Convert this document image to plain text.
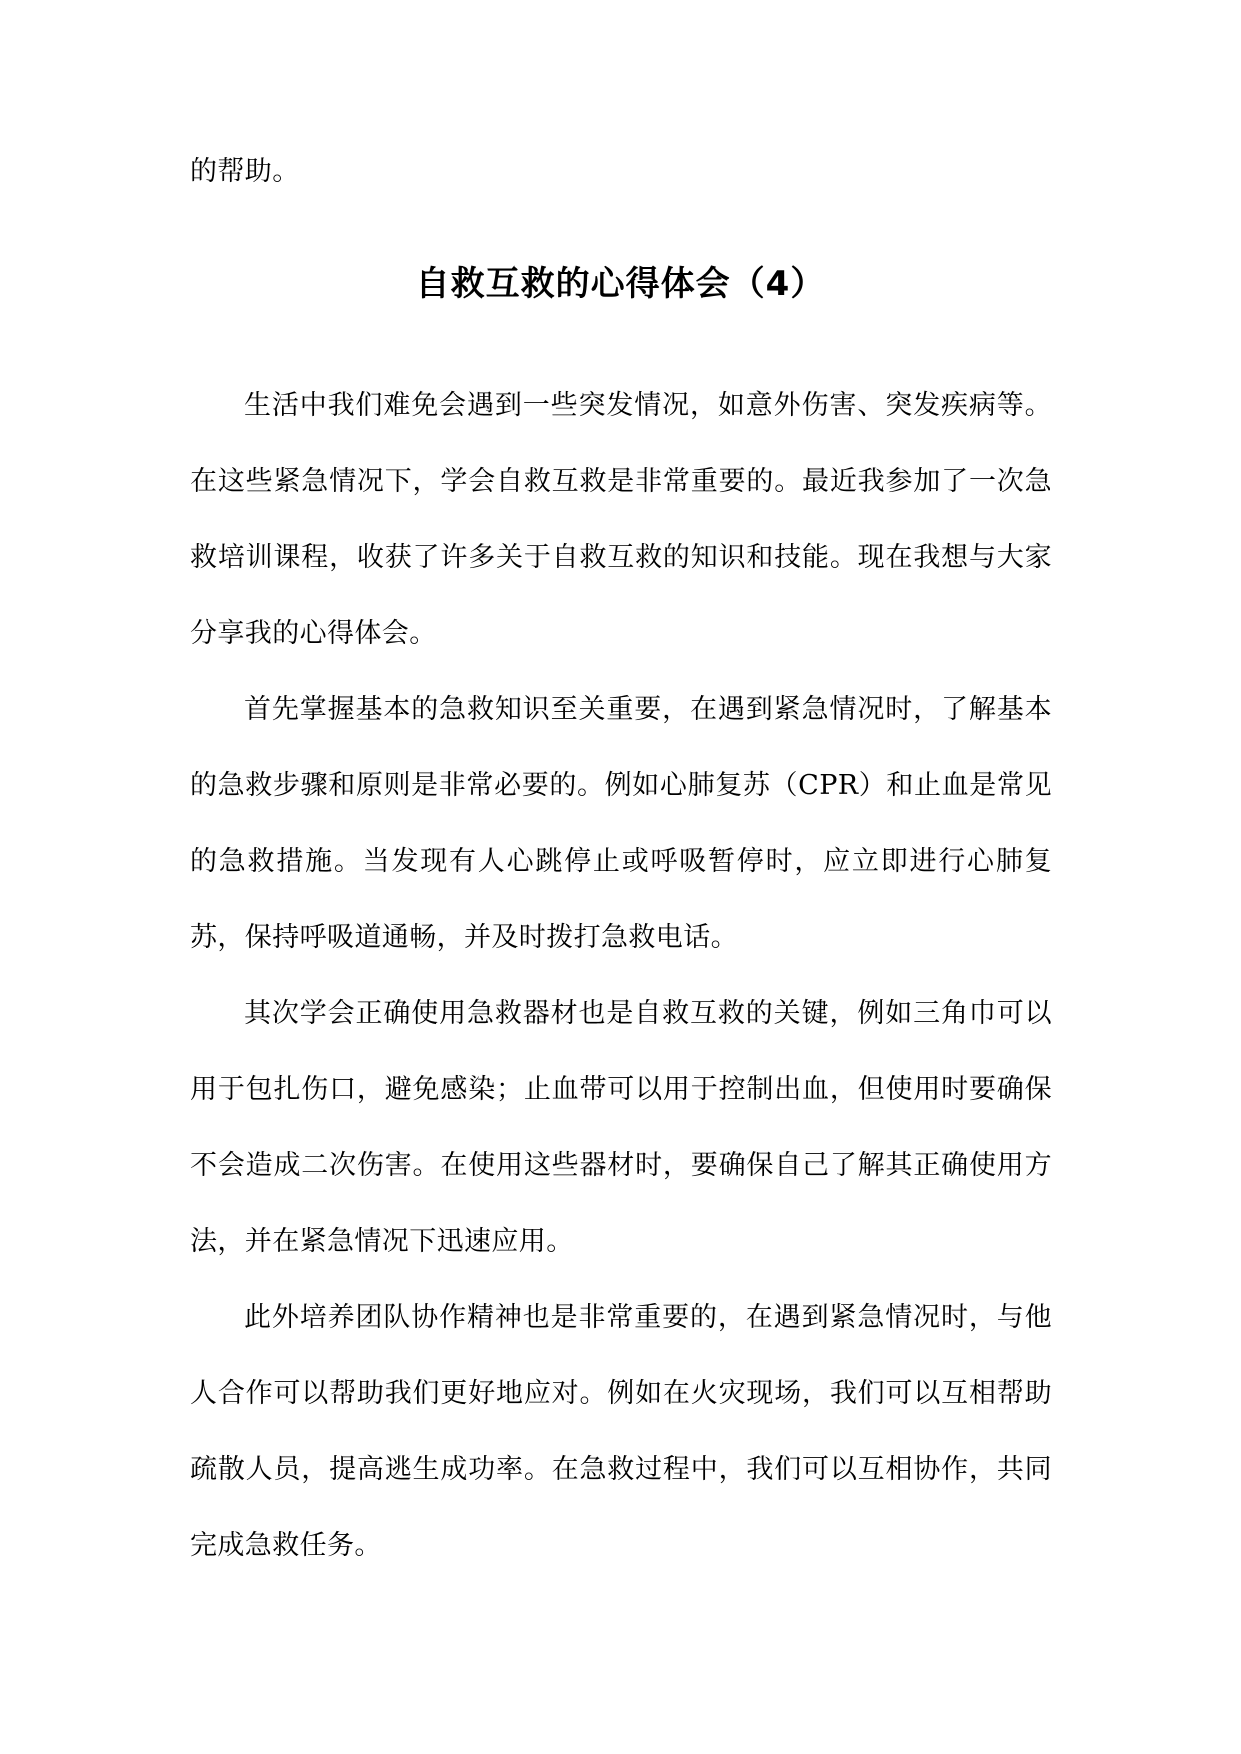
的帮助。

自救互救的心得体会（4）

生活中我们难免会遇到一些突发情况，如意外伤害、突发疾病等。在这些紧急情况下，学会自救互救是非常重要的。最近我参加了一次急救培训课程，收获了许多关于自救互救的知识和技能。现在我想与大家分享我的心得体会。

首先掌握基本的急救知识至关重要，在遇到紧急情况时，了解基本的急救步骤和原则是非常必要的。例如心肺复苏（CPR）和止血是常见的急救措施。当发现有人心跳停止或呼吸暂停时，应立即进行心肺复苏，保持呼吸道通畅，并及时拨打急救电话。

其次学会正确使用急救器材也是自救互救的关键，例如三角巾可以用于包扎伤口，避免感染；止血带可以用于控制出血，但使用时要确保不会造成二次伤害。在使用这些器材时，要确保自己了解其正确使用方法，并在紧急情况下迅速应用。

此外培养团队协作精神也是非常重要的，在遇到紧急情况时，与他人合作可以帮助我们更好地应对。例如在火灾现场，我们可以互相帮助疏散人员，提高逃生成功率。在急救过程中，我们可以互相协作，共同完成急救任务。
